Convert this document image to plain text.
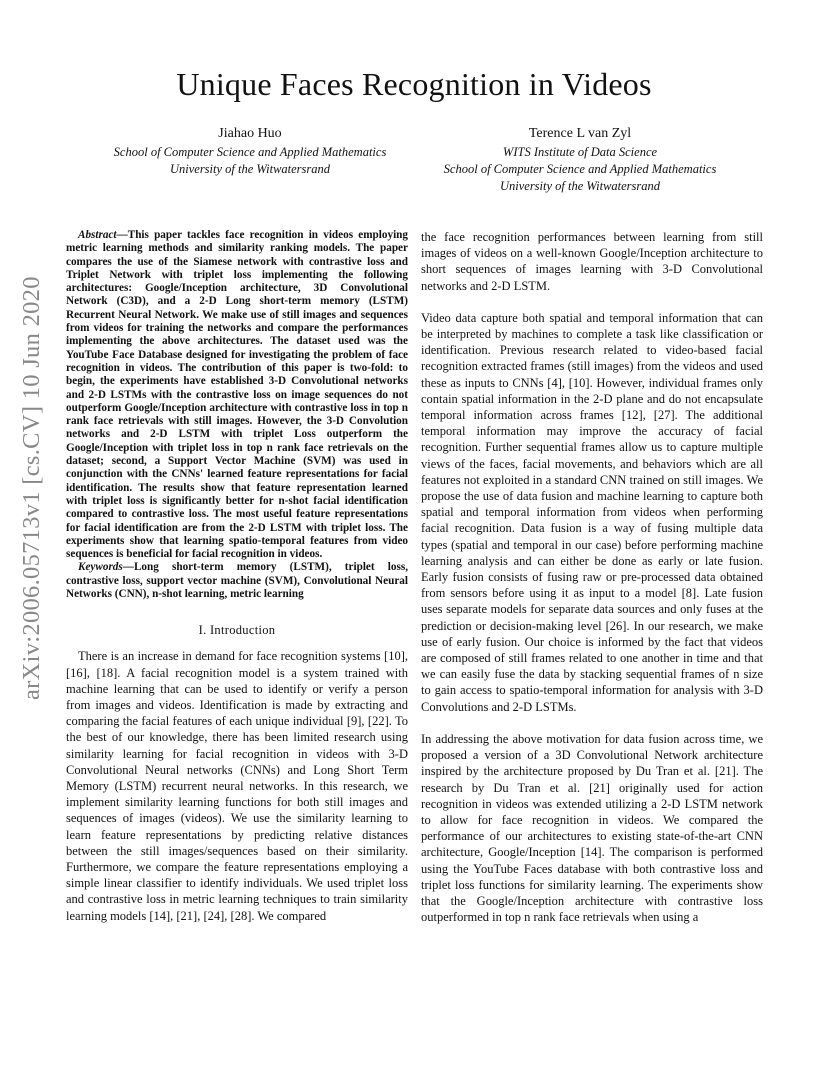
Unique Faces Recognition in Videos
Jiahao Huo
School of Computer Science and Applied Mathematics
University of the Witwatersrand
Terence L van Zyl
WITS Institute of Data Science
School of Computer Science and Applied Mathematics
University of the Witwatersrand
arXiv:2006.05713v1 [cs.CV] 10 Jun 2020

Abstract—This paper tackles face recognition in videos employing metric learning methods and similarity ranking models. The paper compares the use of the Siamese network with contrastive loss and Triplet Network with triplet loss implementing the following architectures: Google/Inception architecture, 3D Convolutional Network (C3D), and a 2-D Long short-term memory (LSTM) Recurrent Neural Network. We make use of still images and sequences from videos for training the networks and compare the performances implementing the above architectures. The dataset used was the YouTube Face Database designed for investigating the problem of face recognition in videos. The contribution of this paper is two-fold: to begin, the experiments have established 3-D Convolutional networks and 2-D LSTMs with the contrastive loss on image sequences do not outperform Google/Inception architecture with contrastive loss in top n rank face retrievals with still images. However, the 3-D Convolution networks and 2-D LSTM with triplet Loss outperform the Google/Inception with triplet loss in top n rank face retrievals on the dataset; second, a Support Vector Machine (SVM) was used in conjunction with the CNNs' learned feature representations for facial identification. The results show that feature representation learned with triplet loss is significantly better for n-shot facial identification compared to contrastive loss. The most useful feature representations for facial identification are from the 2-D LSTM with triplet loss. The experiments show that learning spatio-temporal features from video sequences is beneficial for facial recognition in videos.

Keywords—Long short-term memory (LSTM), triplet loss, contrastive loss, support vector machine (SVM), Convolutional Neural Networks (CNN), n-shot learning, metric learning

I. Introduction

There is an increase in demand for face recognition systems [10], [16], [18]. A facial recognition model is a system trained with machine learning that can be used to identify or verify a person from images and videos. Identification is made by extracting and comparing the facial features of each unique individual [9], [22]. To the best of our knowledge, there has been limited research using similarity learning for facial recognition in videos with 3-D Convolutional Neural networks (CNNs) and Long Short Term Memory (LSTM) recurrent neural networks. In this research, we implement similarity learning functions for both still images and sequences of images (videos). We use the similarity learning to learn feature representations by predicting relative distances between the still images/sequences based on their similarity. Furthermore, we compare the feature representations employing a simple linear classifier to identify individuals. We used triplet loss and contrastive loss in metric learning techniques to train similarity learning models [14], [21], [24], [28]. We compared

the face recognition performances between learning from still images of videos on a well-known Google/Inception architecture to short sequences of images learning with 3-D Convolutional networks and 2-D LSTM.

Video data capture both spatial and temporal information that can be interpreted by machines to complete a task like classification or identification. Previous research related to video-based facial recognition extracted frames (still images) from the videos and used these as inputs to CNNs [4], [10]. However, individual frames only contain spatial information in the 2-D plane and do not encapsulate temporal information across frames [12], [27]. The additional temporal information may improve the accuracy of facial recognition. Further sequential frames allow us to capture multiple views of the faces, facial movements, and behaviors which are all features not exploited in a standard CNN trained on still images. We propose the use of data fusion and machine learning to capture both spatial and temporal information from videos when performing facial recognition. Data fusion is a way of fusing multiple data types (spatial and temporal in our case) before performing machine learning analysis and can either be done as early or late fusion. Early fusion consists of fusing raw or pre-processed data obtained from sensors before using it as input to a model [8]. Late fusion uses separate models for separate data sources and only fuses at the prediction or decision-making level [26]. In our research, we make use of early fusion. Our choice is informed by the fact that videos are composed of still frames related to one another in time and that we can easily fuse the data by stacking sequential frames of n size to gain access to spatio-temporal information for analysis with 3-D Convolutions and 2-D LSTMs.

In addressing the above motivation for data fusion across time, we proposed a version of a 3D Convolutional Network architecture inspired by the architecture proposed by Du Tran et al. [21]. The research by Du Tran et al. [21] originally used for action recognition in videos was extended utilizing a 2-D LSTM network to allow for face recognition in videos. We compared the performance of our architectures to existing state-of-the-art CNN architecture, Google/Inception [14]. The comparison is performed using the YouTube Faces database with both contrastive loss and triplet loss functions for similarity learning. The experiments show that the Google/Inception architecture with contrastive loss outperformed in top n rank face retrievals when using a
